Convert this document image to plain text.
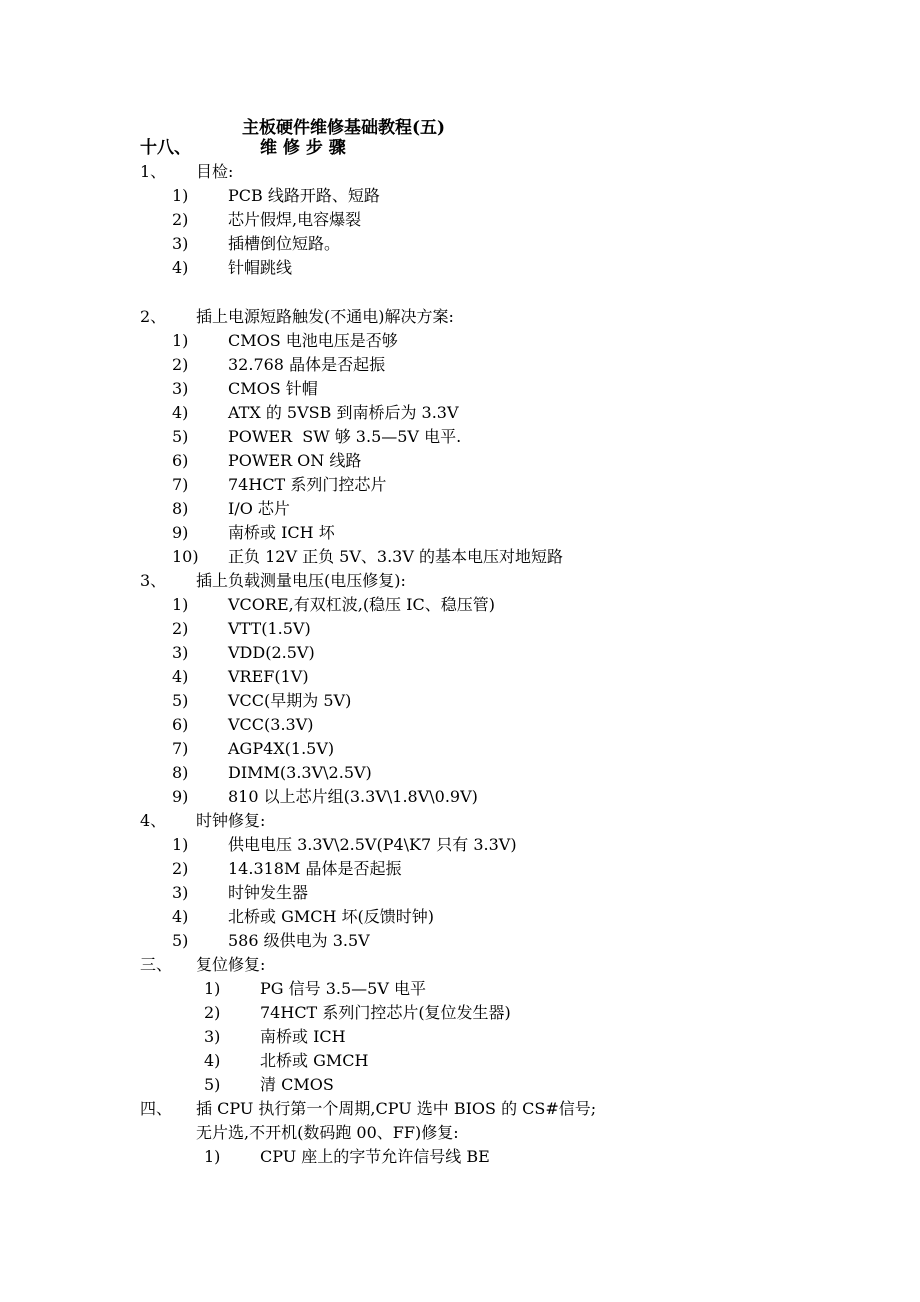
主板硬件维修基础教程(五)
十八、	维 修 步 骤
1、 目检:
1) PCB 线路开路、短路
2) 芯片假焊,电容爆裂
3) 插槽倒位短路。
4) 针帽跳线
2、 插上电源短路触发(不通电)解决方案:
1) CMOS 电池电压是否够
2) 32.768 晶体是否起振
3) CMOS 针帽
4) ATX 的 5VSB 到南桥后为 3.3V
5) POWER  SW 够 3.5—5V 电平.
6) POWER ON 线路
7) 74HCT 系列门控芯片
8) I/O 芯片
9) 南桥或 ICH 坏
10) 正负 12V 正负 5V、3.3V 的基本电压对地短路
3、 插上负载测量电压(电压修复):
1) VCORE,有双杠波,(稳压 IC、稳压管)
2) VTT(1.5V)
3) VDD(2.5V)
4) VREF(1V)
5) VCC(早期为 5V)
6) VCC(3.3V)
7) AGP4X(1.5V)
8) DIMM(3.3V\2.5V)
9) 810 以上芯片组(3.3V\1.8V\0.9V)
4、 时钟修复:
1) 供电电压 3.3V\2.5V(P4\K7 只有 3.3V)
2) 14.318M 晶体是否起振
3) 时钟发生器
4) 北桥或 GMCH 坏(反馈时钟)
5) 586 级供电为 3.5V
三、 复位修复:
1) PG 信号 3.5—5V 电平
2) 74HCT 系列门控芯片(复位发生器)
3) 南桥或 ICH
4) 北桥或 GMCH
5) 清 CMOS
四、 插 CPU 执行第一个周期,CPU 选中 BIOS 的 CS#信号;
无片选,不开机(数码跑 00、FF)修复:
1) CPU 座上的字节允许信号线 BE
